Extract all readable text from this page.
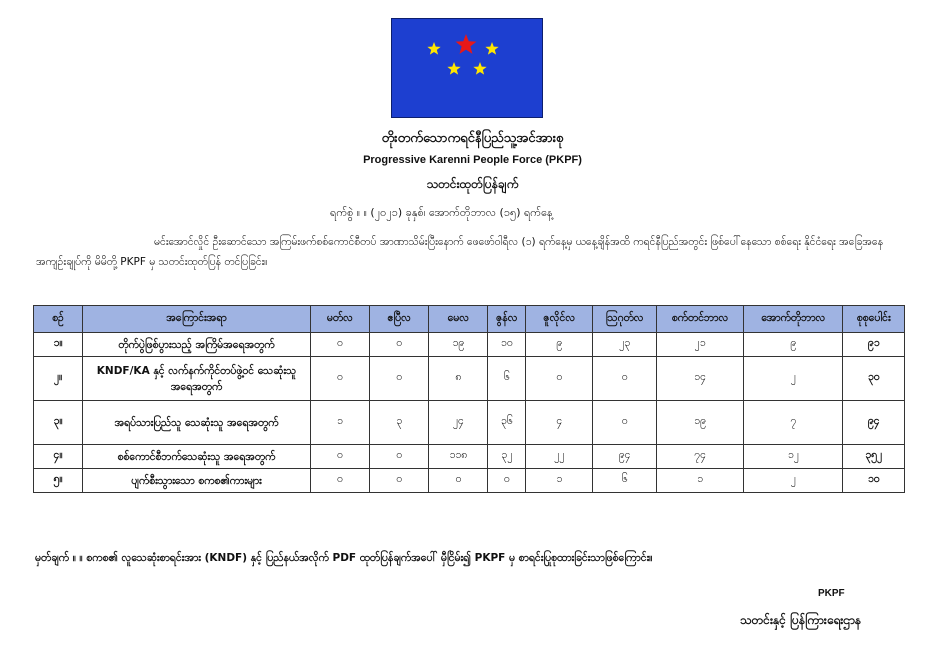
တိုးတက်သောကရင်နီပြည်သူ့အင်အားစု
Progressive Karenni People Force (PKPF)
သတင်းထုတ်ပြန်ချက်
ရက်စွဲ ။ ။ (၂၀၂၁) ခုနှစ်၊ အောက်တိုဘာလ (၁၅) ရက်နေ့
မင်းအောင်လှိုင် ဦးဆောင်သော အကြမ်းဖက်စစ်ကောင်စီတပ် အာဏာသိမ်းပြီးနောက် ဖေဖော်ဝါရီလ (၁) ရက်နေ့မှ ယနေ့ချိန်အထိ ကရင်နီပြည်အတွင်း ဖြစ်ပေါ်နေသော စစ်ရေး နိုင်ငံရေး အခြေအနေ အကျဉ်းချုပ်ကို မိမိတို့ PKPF မှ သတင်းထုတ်ပြန် တင်ပြခြင်း။
စဉ်	အကြောင်းအရာ	မတ်လ	ဧပြီလ	မေလ	ဇွန်လ	ဇူလိုင်လ	ဩဂုတ်လ	စက်တင်ဘာလ	အောက်တိုဘာလ	စုစုပေါင်း
၁။	တိုက်ပွဲဖြစ်ပွားသည့် အကြိမ်အရေအတွက်	၀	၀	၁၉	၁၀	၉	၂၃	၂၁	၉	၉၁
၂။	KNDF/KA နှင့် လက်နက်ကိုင်တပ်ဖွဲ့ဝင် သေဆုံးသူအရေအတွက်	၀	၀	၈	၆	၀	၀	၁၄	၂	၃၀
၃။	အရပ်သားပြည်သူ သေဆုံးသူ အရေအတွက်	၁	၃	၂၄	၃၆	၄	၀	၁၉	၇	၉၄
၄။	စစ်ကောင်စီဘက်သေဆုံးသူ အရေအတွက်	၀	၀	၁၁၈	၃၂	၂၂	၉၄	၇၄	၁၂	၃၅၂
၅။	ပျက်စီးသွားသော စကစ၏ကားများ	၀	၀	၀	၀	၁	၆	၁	၂	၁၀
မှတ်ချက် ။ ။ စကစ၏ လူသေဆုံးစာရင်းအား (KNDF) နှင့် ပြည်နယ်အလိုက် PDF ထုတ်ပြန်ချက်အပေါ် မှီငြိမ်း၍ PKPF မှ စာရင်းပြုစုထားခြင်းသာဖြစ်ကြောင်း။
PKPF
သတင်းနှင့် ပြန်ကြားရေးဌာန
